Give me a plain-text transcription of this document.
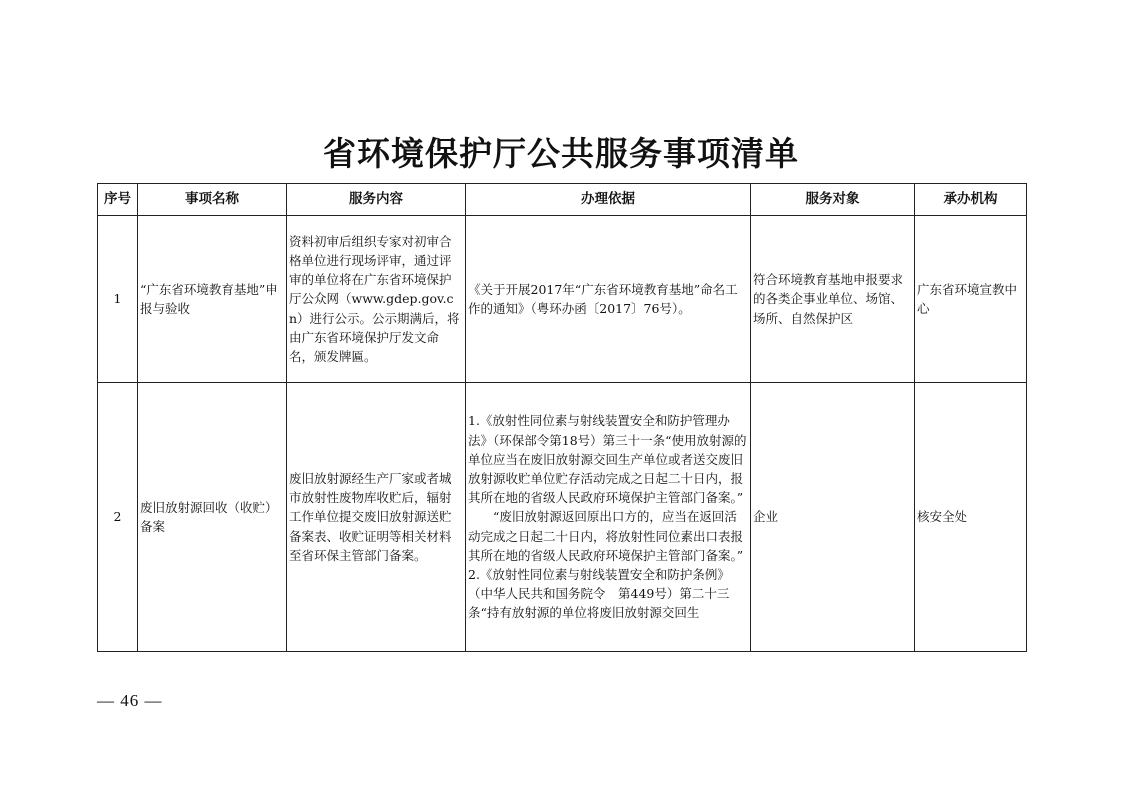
省环境保护厅公共服务事项清单
序号	事项名称	服务内容	办理依据	服务对象	承办机构
1	“广东省环境教育基地”申报与验收	资料初审后组织专家对初审合格单位进行现场评审，通过评审的单位将在广东省环境保护厅公众网（www.gdep.gov.cn）进行公示。公示期满后，将由广东省环境保护厅发文命名，颁发牌匾。	《关于开展2017年“广东省环境教育基地”命名工作的通知》（粤环办函〔2017〕76号）。	符合环境教育基地申报要求的各类企事业单位、场馆、场所、自然保护区	广东省环境宣教中心
2	废旧放射源回收（收贮）备案	废旧放射源经生产厂家或者城市放射性废物库收贮后，辐射工作单位提交废旧放射源送贮备案表、收贮证明等相关材料至省环保主管部门备案。	1.《放射性同位素与射线装置安全和防护管理办法》（环保部令第18号）第三十一条“使用放射源的单位应当在废旧放射源交回生产单位或者送交废旧放射源收贮单位贮存活动完成之日起二十日内，报其所在地的省级人民政府环境保护主管部门备案。”
“废旧放射源返回原出口方的，应当在返回活动完成之日起二十日内，将放射性同位素出口表报其所在地的省级人民政府环境保护主管部门备案。”
2.《放射性同位素与射线装置安全和防护条例》（中华人民共和国务院令　第449号）第二十三条“持有放射源的单位将废旧放射源交回生	企业	核安全处
— 46 —
